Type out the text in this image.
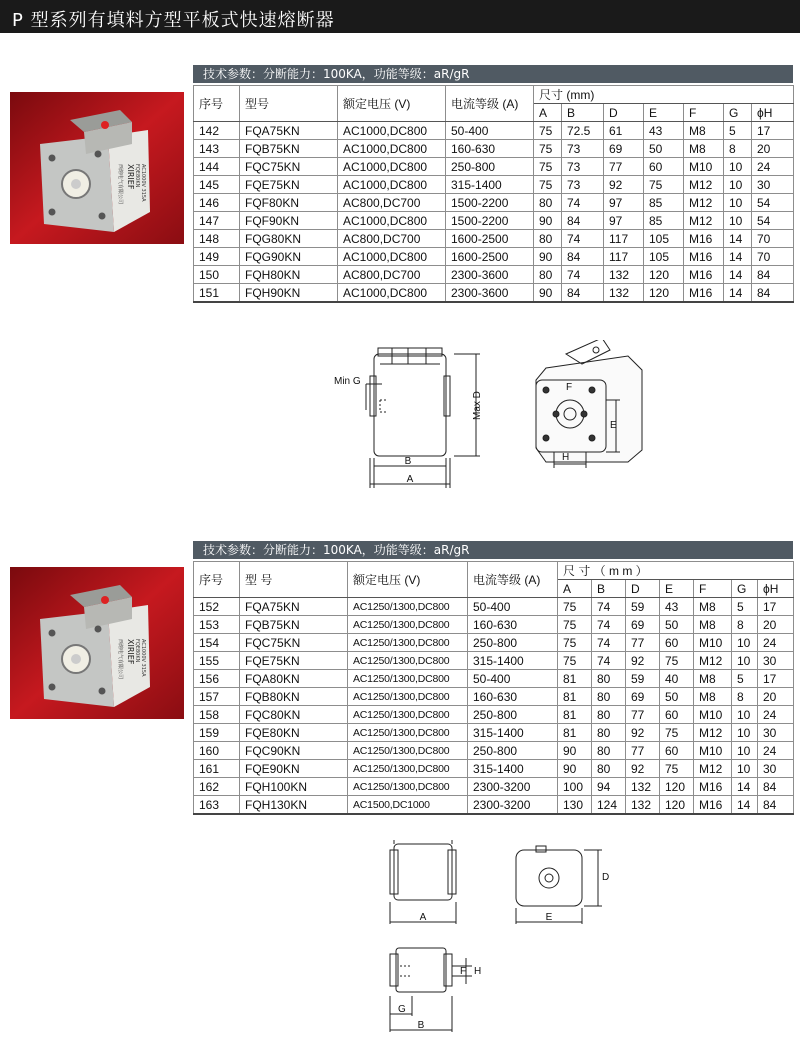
P 型系列有填料方型平板式快速熔断器
技术参数：分断能力：100KA，功能等级：aR/gR
XIRIEF FQE80KN AC1000V 315A
西熔电气有限公司
序号	型号	额定电压 (V)	电流等级 (A)	尺寸 (mm)						
				A	B	D	E	F	G	ϕH
142	FQA75KN	AC1000,DC800	50-400	75	72.5	61	43	M8	5	17
143	FQB75KN	AC1000,DC800	160-630	75	73	69	50	M8	8	20
144	FQC75KN	AC1000,DC800	250-800	75	73	77	60	M10	10	24
145	FQE75KN	AC1000,DC800	315-1400	75	73	92	75	M12	10	30
146	FQF80KN	AC800,DC700	1500-2200	80	74	97	85	M12	10	54
147	FQF90KN	AC1000,DC800	1500-2200	90	84	97	85	M12	10	54
148	FQG80KN	AC800,DC700	1600-2500	80	74	117	105	M16	14	70
149	FQG90KN	AC1000,DC800	1600-2500	90	84	117	105	M16	14	70
150	FQH80KN	AC800,DC700	2300-3600	80	74	132	120	M16	14	84
151	FQH90KN	AC1000,DC800	2300-3600	90	84	132	120	M16	14	84
Min G
Max D
B
A
F
E
H
技术参数：分断能力：100KA，功能等级：aR/gR
XIRIEF FQE80KN AC1000V 315A
西熔电气有限公司
序号	型 号	额定电压 (V)	电流等级 (A)	尺 寸 （ m m ）						
				A	B	D	E	F	G	ϕH
152	FQA75KN	AC1250/1300,DC800	50-400	75	74	59	43	M8	5	17
153	FQB75KN	AC1250/1300,DC800	160-630	75	74	69	50	M8	8	20
154	FQC75KN	AC1250/1300,DC800	250-800	75	74	77	60	M10	10	24
155	FQE75KN	AC1250/1300,DC800	315-1400	75	74	92	75	M12	10	30
156	FQA80KN	AC1250/1300,DC800	50-400	81	80	59	40	M8	5	17
157	FQB80KN	AC1250/1300,DC800	160-630	81	80	69	50	M8	8	20
158	FQC80KN	AC1250/1300,DC800	250-800	81	80	77	60	M10	10	24
159	FQE80KN	AC1250/1300,DC800	315-1400	81	80	92	75	M12	10	30
160	FQC90KN	AC1250/1300,DC800	250-800	90	80	77	60	M10	10	24
161	FQE90KN	AC1250/1300,DC800	315-1400	90	80	92	75	M12	10	30
162	FQH100KN	AC1250/1300,DC800	2300-3200	100	94	132	120	M16	14	84
163	FQH130KN	AC1500,DC1000	2300-3200	130	124	132	120	M16	14	84
A	E
D
F H
G
B
